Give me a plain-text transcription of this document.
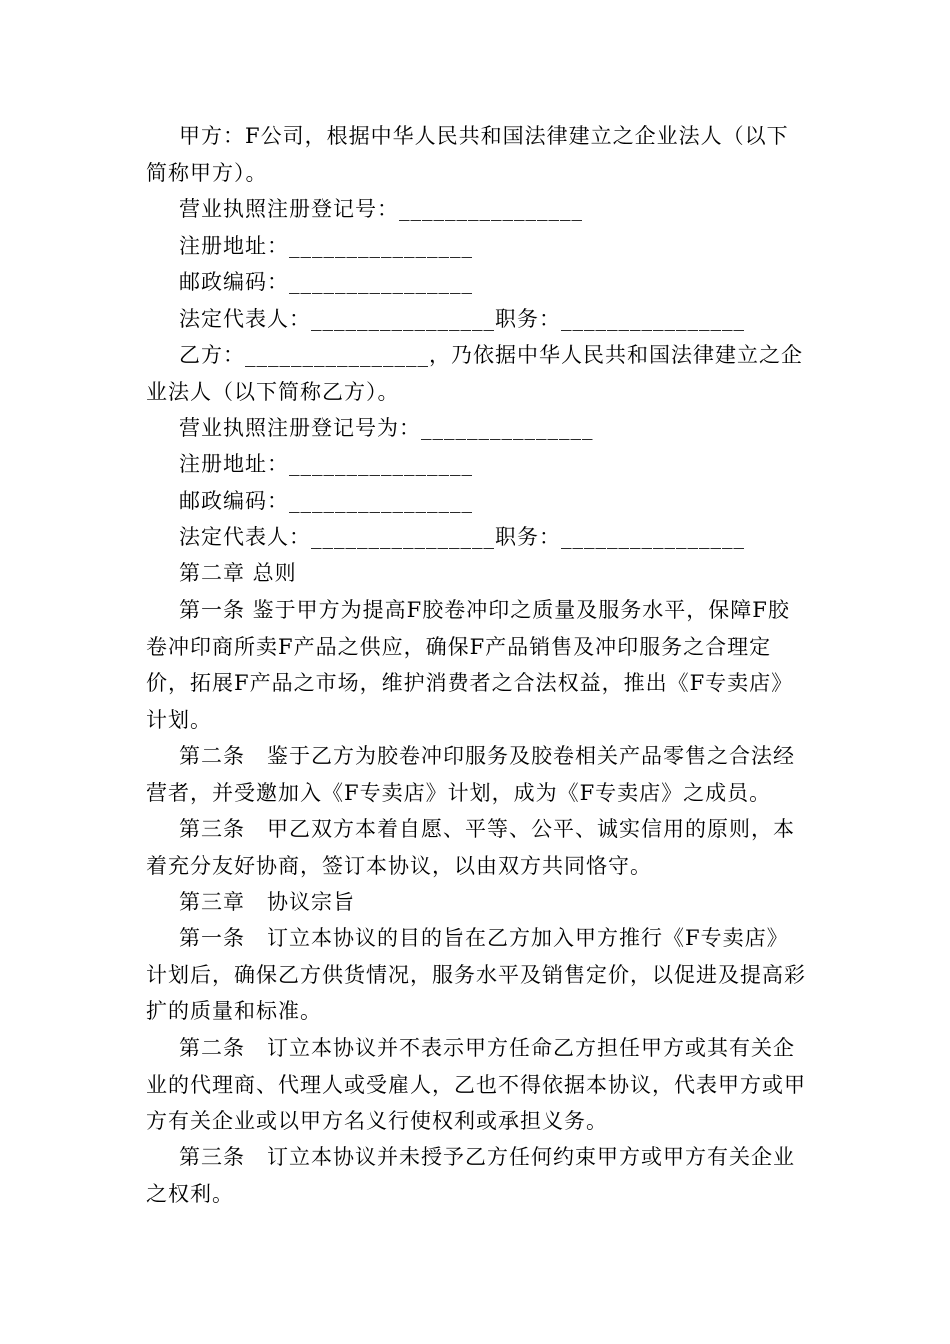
甲方：F公司，根据中华人民共和国法律建立之企业法人（以下简称甲方）。

营业执照注册登记号：________________

注册地址：________________

邮政编码：________________

法定代表人：________________职务：________________

乙方：________________，乃依据中华人民共和国法律建立之企业法人（以下简称乙方）。

营业执照注册登记号为：_______________

注册地址：________________

邮政编码：________________

法定代表人：________________职务：________________

第二章 总则

第一条 鉴于甲方为提高F胶卷冲印之质量及服务水平，保障F胶卷冲印商所卖F产品之供应，确保F产品销售及冲印服务之合理定价，拓展F产品之市场，维护消费者之合法权益，推出《F专卖店》计划。

第二条　鉴于乙方为胶卷冲印服务及胶卷相关产品零售之合法经营者，并受邀加入《F专卖店》计划，成为《F专卖店》之成员。

第三条　甲乙双方本着自愿、平等、公平、诚实信用的原则，本着充分友好协商，签订本协议，以由双方共同恪守。

第三章　协议宗旨

第一条　订立本协议的目的旨在乙方加入甲方推行《F专卖店》计划后，确保乙方供货情况，服务水平及销售定价，以促进及提高彩扩的质量和标准。

第二条　订立本协议并不表示甲方任命乙方担任甲方或其有关企业的代理商、代理人或受雇人，乙也不得依据本协议，代表甲方或甲方有关企业或以甲方名义行使权利或承担义务。

第三条　订立本协议并未授予乙方任何约束甲方或甲方有关企业之权利。
